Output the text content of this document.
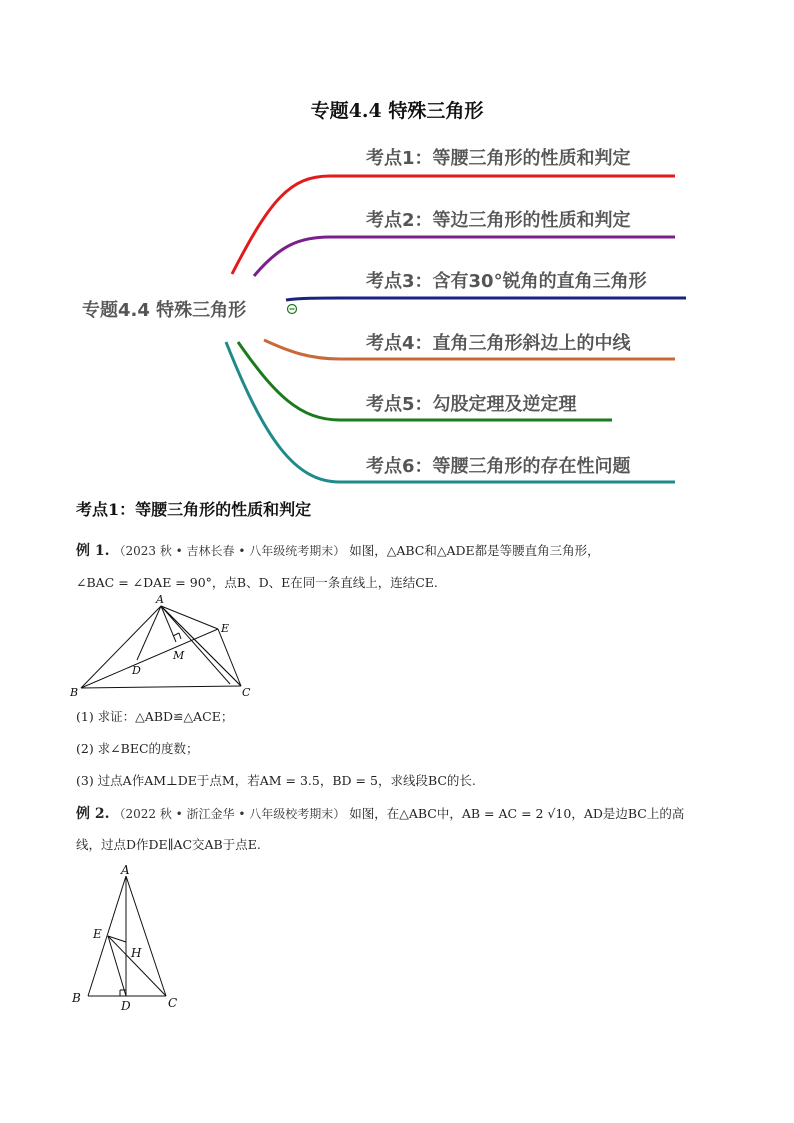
专题4.4 特殊三角形
专题4.4 特殊三角形
考点1：等腰三角形的性质和判定
考点2：等边三角形的性质和判定
考点3：含有30°锐角的直角三角形
考点4：直角三角形斜边上的中线
考点5：勾股定理及逆定理
考点6：等腰三角形的存在性问题
考点1：等腰三角形的性质和判定
例 1. （2023 秋 • 吉林长春 • 八年级统考期末） 如图，△ABC和△ADE都是等腰直角三角形，
∠BAC = ∠DAE = 90°，点B、D、E在同一条直线上，连结CE.
A
B	C
D
E
M
(1) 求证：△ABD≌△ACE；
(2) 求∠BEC的度数；
(3) 过点A作AM⊥DE于点M，若AM = 3.5，BD = 5，求线段BC的长.
例 2. （2022 秋 • 浙江金华 • 八年级校考期末） 如图，在△ABC中，AB = AC = 2 √10，AD是边BC上的高
线，过点D作DE∥AC交AB于点E.
A
E
H
B
D	C
